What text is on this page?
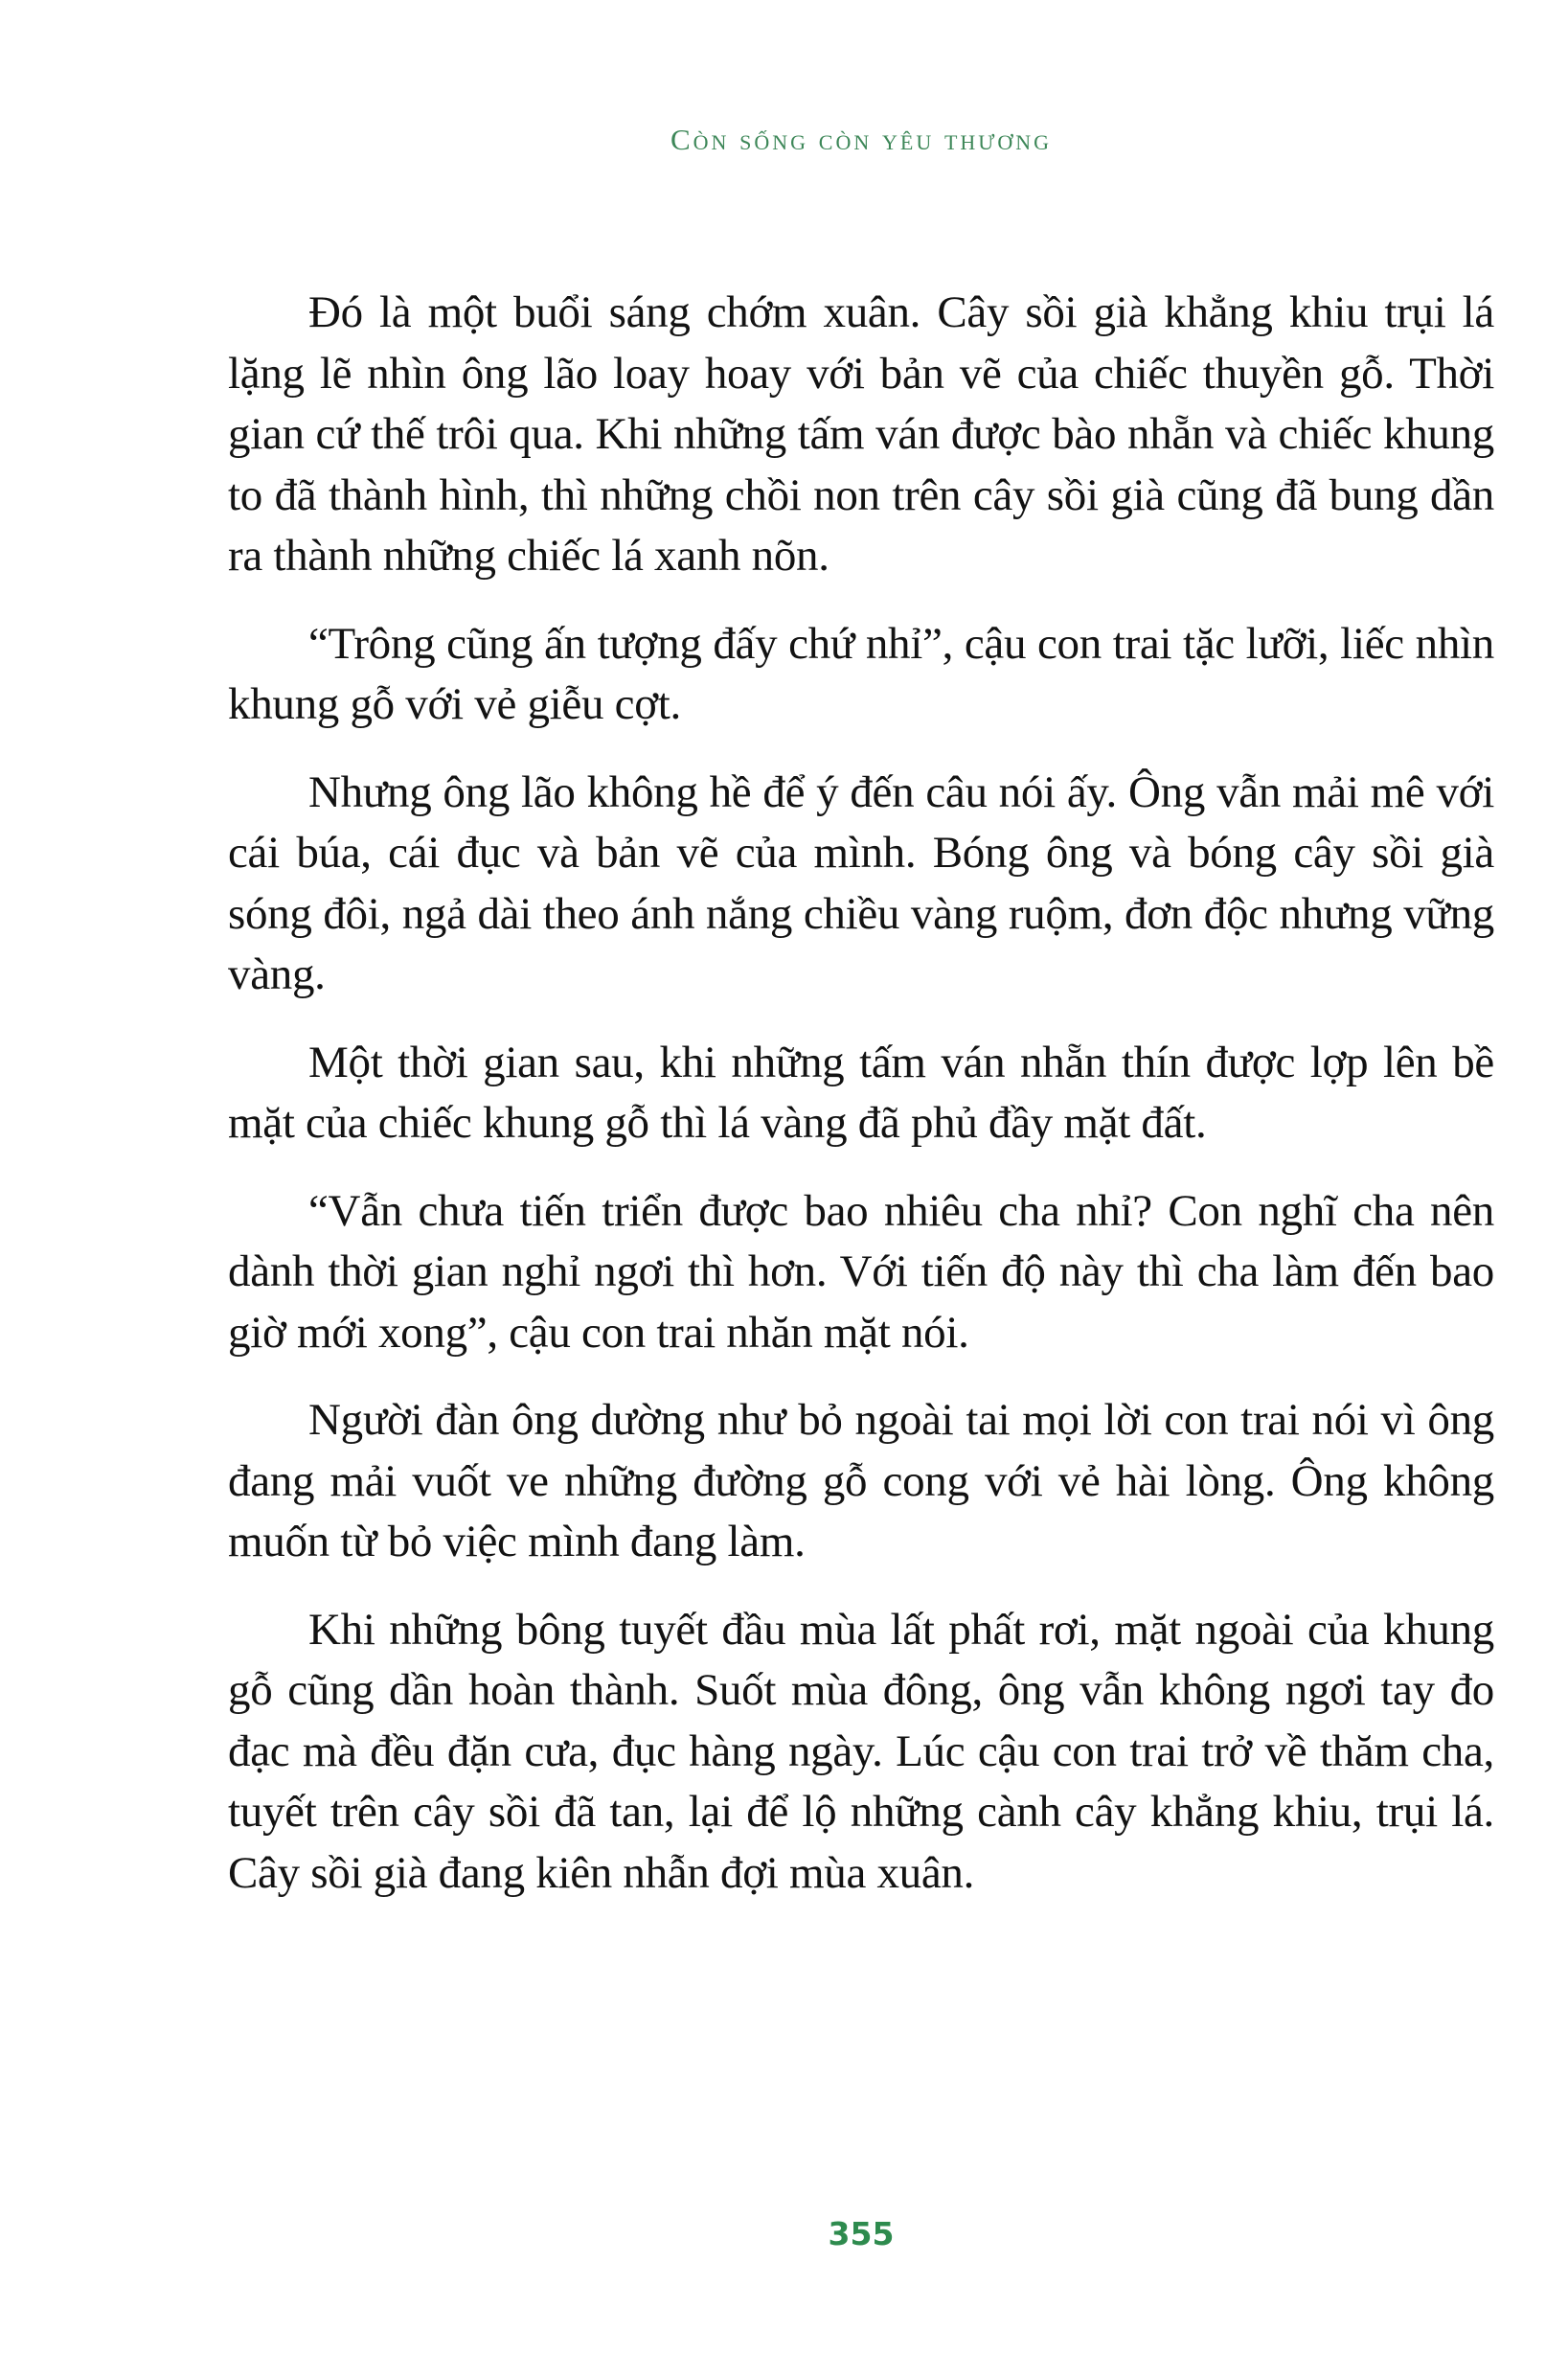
Còn sống còn yêu thương

Đó là một buổi sáng chớm xuân. Cây sồi già khẳng khiu trụi lá lặng lẽ nhìn ông lão loay hoay với bản vẽ của chiếc thuyền gỗ. Thời gian cứ thế trôi qua. Khi những tấm ván được bào nhẵn và chiếc khung to đã thành hình, thì những chồi non trên cây sồi già cũng đã bung dần ra thành những chiếc lá xanh nõn.

“Trông cũng ấn tượng đấy chứ nhỉ”, cậu con trai tặc lưỡi, liếc nhìn khung gỗ với vẻ giễu cợt.

Nhưng ông lão không hề để ý đến câu nói ấy. Ông vẫn mải mê với cái búa, cái đục và bản vẽ của mình. Bóng ông và bóng cây sồi già sóng đôi, ngả dài theo ánh nắng chiều vàng ruộm, đơn độc nhưng vững vàng.

Một thời gian sau, khi những tấm ván nhẵn thín được lợp lên bề mặt của chiếc khung gỗ thì lá vàng đã phủ đầy mặt đất.

“Vẫn chưa tiến triển được bao nhiêu cha nhỉ? Con nghĩ cha nên dành thời gian nghỉ ngơi thì hơn. Với tiến độ này thì cha làm đến bao giờ mới xong”, cậu con trai nhăn mặt nói.

Người đàn ông dường như bỏ ngoài tai mọi lời con trai nói vì ông đang mải vuốt ve những đường gỗ cong với vẻ hài lòng. Ông không muốn từ bỏ việc mình đang làm.

Khi những bông tuyết đầu mùa lất phất rơi, mặt ngoài của khung gỗ cũng dần hoàn thành. Suốt mùa đông, ông vẫn không ngơi tay đo đạc mà đều đặn cưa, đục hàng ngày. Lúc cậu con trai trở về thăm cha, tuyết trên cây sồi đã tan, lại để lộ những cành cây khẳng khiu, trụi lá. Cây sồi già đang kiên nhẫn đợi mùa xuân.

355
